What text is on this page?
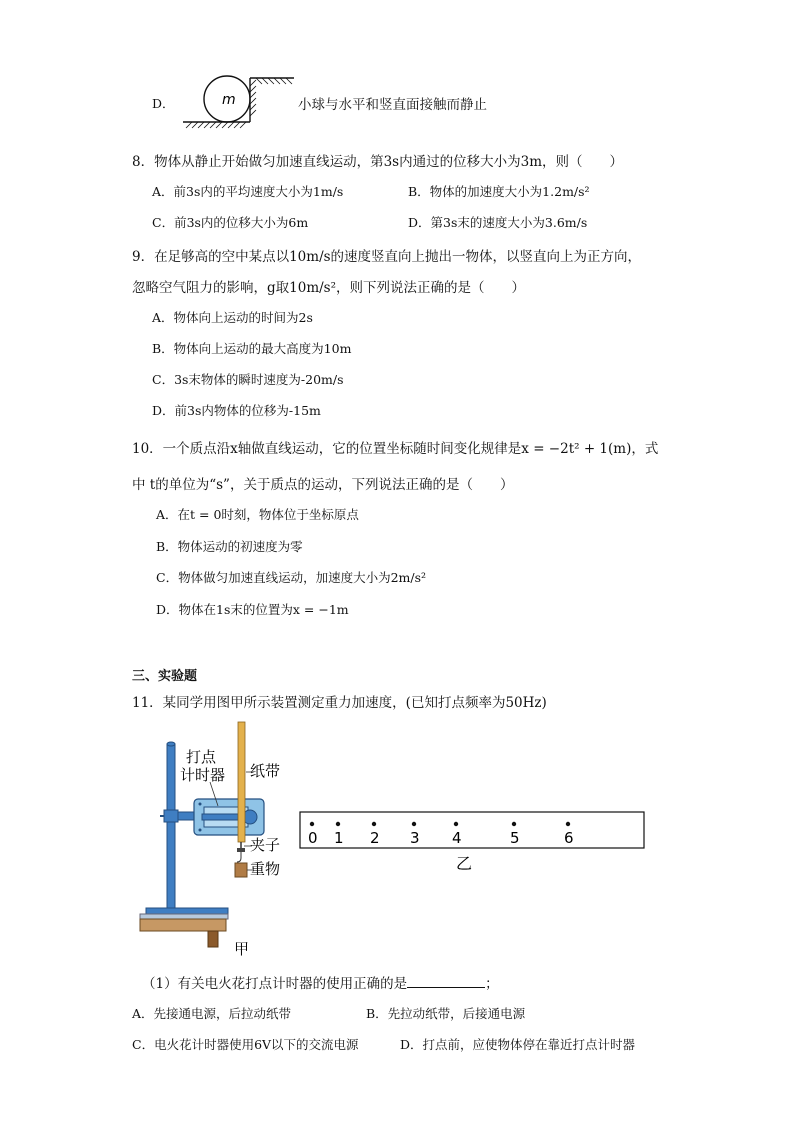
D．	m	小球与水平和竖直面接触而静止
8．物体从静止开始做匀加速直线运动，第3s内通过的位移大小为3m，则（　　）
A．前3s内的平均速度大小为1m/s	B．物体的加速度大小为1.2m/s²
C．前3s内的位移大小为6m	D．第3s末的速度大小为3.6m/s
9．在足够高的空中某点以10m/s的速度竖直向上抛出一物体，以竖直向上为正方向，
忽略空气阻力的影响，g取10m/s²，则下列说法正确的是（　　）
A．物体向上运动的时间为2s
B．物体向上运动的最大高度为10m
C．3s末物体的瞬时速度为-20m/s
D．前3s内物体的位移为-15m
10．一个质点沿x轴做直线运动，它的位置坐标随时间变化规律是x = −2t² + 1(m)，式
中 t的单位为“s”，关于质点的运动，下列说法正确的是（　　）
A．在t = 0时刻，物体位于坐标原点
B．物体运动的初速度为零
C．物体做匀加速直线运动，加速度大小为2m/s²
D．物体在1s末的位置为x = −1m
三、实验题
11．某同学用图甲所示装置测定重力加速度，(已知打点频率为50Hz)
打点
计时器 纸带
夹子
重物
甲
0 1 2 3 4	5	6
乙
（1）有关电火花打点计时器的使用正确的是	；
A．先接通电源，后拉动纸带	B．先拉动纸带，后接通电源
C．电火花计时器使用6V以下的交流电源	D．打点前，应使物体停在靠近打点计时器
